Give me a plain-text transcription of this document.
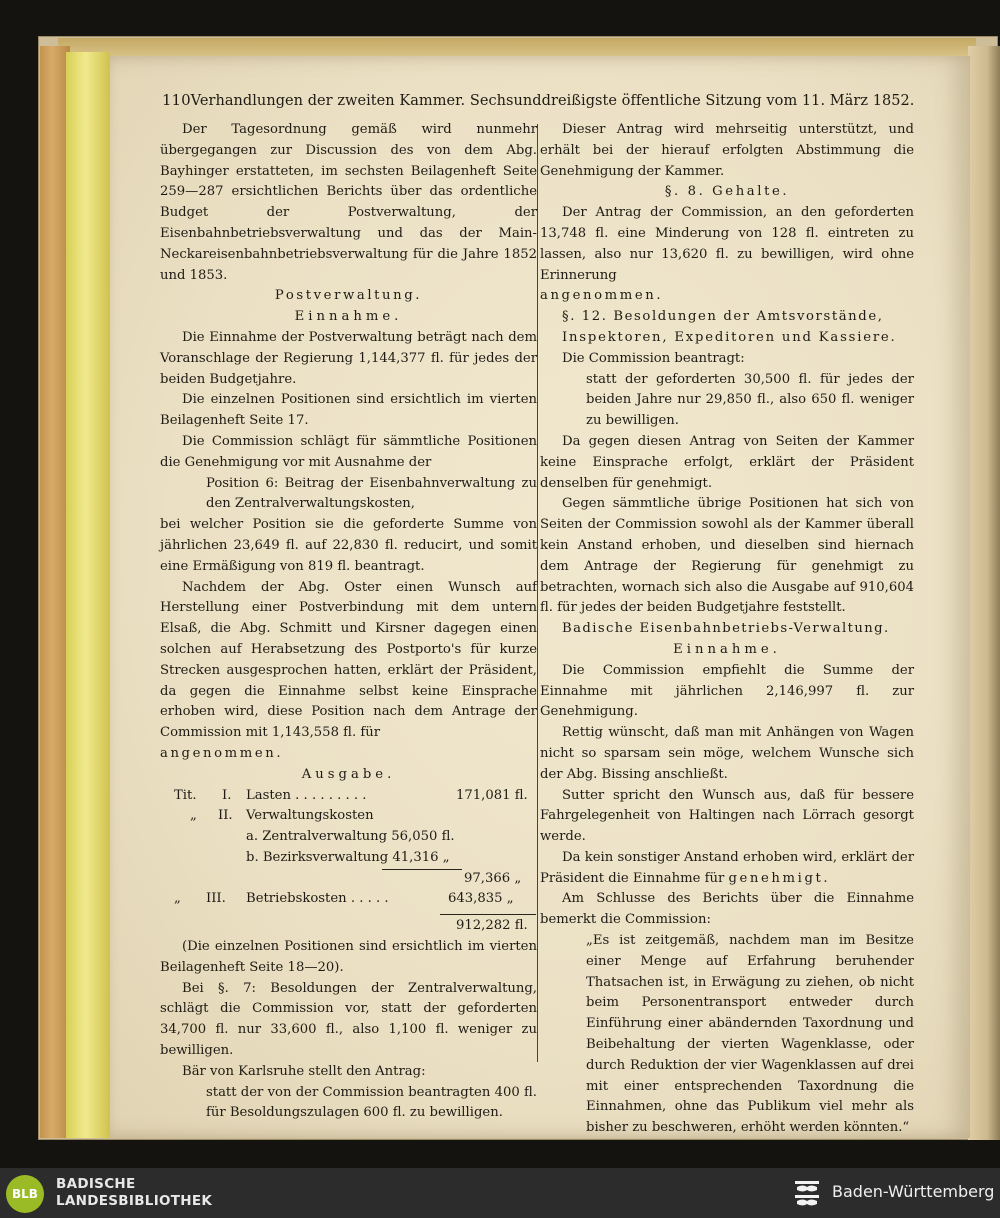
110 Verhandlungen der zweiten Kammer. Sechsunddreißigste öffentliche Sitzung vom 11. März 1852.
Der Tagesordnung gemäß wird nunmehr übergegangen zur Discussion des von dem Abg. Bayhinger erstatteten, im sechsten Beilagenheft Seite 259—287 ersichtlichen Berichts über das ordentliche Budget der Postverwaltung, der Eisenbahnbetriebsverwaltung und das der Main-Neckareisenbahnbetriebsverwaltung für die Jahre 1852 und 1853.
Postverwaltung.
Einnahme.
Die Einnahme der Postverwaltung beträgt nach dem Voranschlage der Regierung 1,144,377 fl. für jedes der beiden Budgetjahre.
Die einzelnen Positionen sind ersichtlich im vierten Beilagenheft Seite 17.
Die Commission schlägt für sämmtliche Positionen die Genehmigung vor mit Ausnahme der
Position 6: Beitrag der Eisenbahnverwaltung zu den Zentralverwaltungskosten,
bei welcher Position sie die geforderte Summe von jährlichen 23,649 fl. auf 22,830 fl. reducirt, und somit eine Ermäßigung von 819 fl. beantragt.
Nachdem der Abg. Oster einen Wunsch auf Herstellung einer Postverbindung mit dem untern Elsaß, die Abg. Schmitt und Kirsner dagegen einen solchen auf Herabsetzung des Postporto's für kurze Strecken ausgesprochen hatten, erklärt der Präsident, da gegen die Einnahme selbst keine Einsprache erhoben wird, diese Position nach dem Antrage der Commission mit 1,143,558 fl. für
angenommen.
Ausgabe.
Tit. I. Lasten . . . . . . . . .	171,081 fl.
„ II. Verwaltungskosten
a. Zentralverwaltung 56,050 fl.
b. Bezirksverwaltung 41,316 „
97,366 „
„ III. Betriebskosten . . . . .	643,835 „
912,282 fl.
(Die einzelnen Positionen sind ersichtlich im vierten Beilagenheft Seite 18—20).
Bei §. 7: Besoldungen der Zentralverwaltung, schlägt die Commission vor, statt der geforderten 34,700 fl. nur 33,600 fl., also 1,100 fl. weniger zu bewilligen.
Bär von Karlsruhe stellt den Antrag:
statt der von der Commission beantragten 400 fl. für Besoldungszulagen 600 fl. zu bewilligen.
Dieser Antrag wird mehrseitig unterstützt, und erhält bei der hierauf erfolgten Abstimmung die Genehmigung der Kammer.
§. 8. Gehalte.
Der Antrag der Commission, an den geforderten 13,748 fl. eine Minderung von 128 fl. eintreten zu lassen, also nur 13,620 fl. zu bewilligen, wird ohne Erinnerung
angenommen.
§. 12. Besoldungen der Amtsvorstände,
Inspektoren, Expeditoren und Kassiere.
Die Commission beantragt:
statt der geforderten 30,500 fl. für jedes der beiden Jahre nur 29,850 fl., also 650 fl. weniger zu bewilligen.
Da gegen diesen Antrag von Seiten der Kammer keine Einsprache erfolgt, erklärt der Präsident denselben für genehmigt.
Gegen sämmtliche übrige Positionen hat sich von Seiten der Commission sowohl als der Kammer überall kein Anstand erhoben, und dieselben sind hiernach dem Antrage der Regierung für genehmigt zu betrachten, wornach sich also die Ausgabe auf 910,604 fl. für jedes der beiden Budgetjahre feststellt.
Badische Eisenbahnbetriebs-Verwaltung.
Einnahme.
Die Commission empfiehlt die Summe der Einnahme mit jährlichen 2,146,997 fl. zur Genehmigung.
Rettig wünscht, daß man mit Anhängen von Wagen nicht so sparsam sein möge, welchem Wunsche sich der Abg. Bissing anschließt.
Sutter spricht den Wunsch aus, daß für bessere Fahrgelegenheit von Haltingen nach Lörrach gesorgt werde.
Da kein sonstiger Anstand erhoben wird, erklärt der Präsident die Einnahme für genehmigt.
Am Schlusse des Berichts über die Einnahme bemerkt die Commission:
„Es ist zeitgemäß, nachdem man im Besitze einer Menge auf Erfahrung beruhender Thatsachen ist, in Erwägung zu ziehen, ob nicht beim Personentransport entweder durch Einführung einer abändernden Taxordnung und Beibehaltung der vierten Wagenklasse, oder durch Reduktion der vier Wagenklassen auf drei mit einer entsprechenden Taxordnung die Einnahmen, ohne das Publikum viel mehr als bisher zu beschweren, erhöht werden könnten.“
BLB
BADISCHE
LANDESBIBLIOTHEK	Baden-Württemberg
